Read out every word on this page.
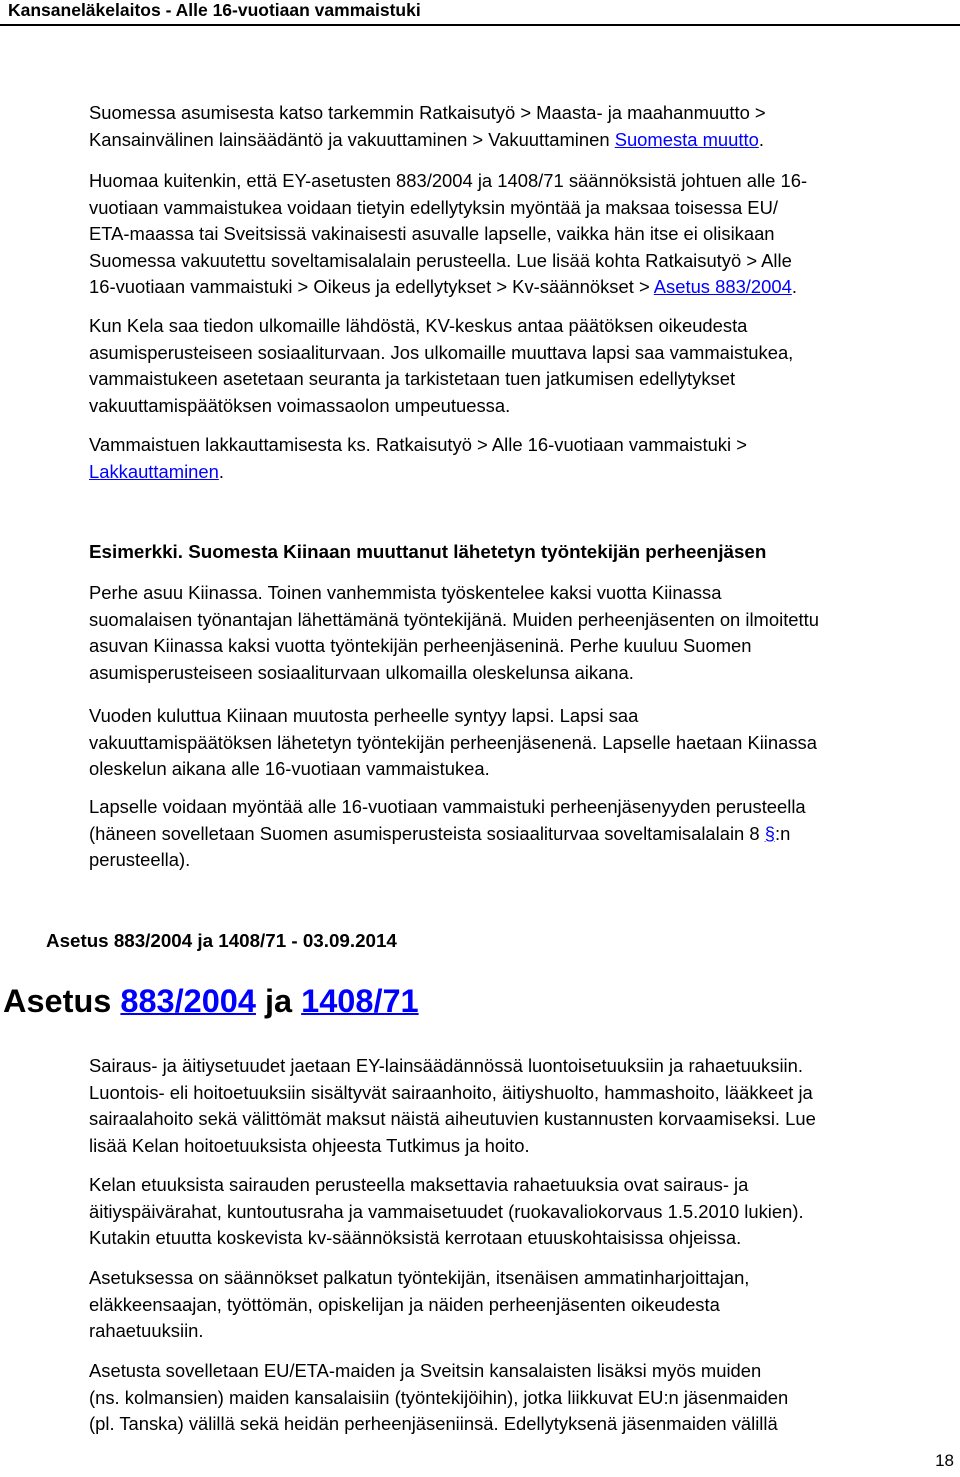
Kansaneläkelaitos - Alle 16-vuotiaan vammaistuki

Suomessa asumisesta katso tarkemmin Ratkaisutyö > Maasta- ja maahanmuutto >

Kansainvälinen lainsäädäntö ja vakuuttaminen > Vakuuttaminen Suomesta muutto.

Huomaa kuitenkin, että EY-asetusten 883/2004 ja 1408/71 säännöksistä johtuen alle 16-

vuotiaan vammaistukea voidaan tietyin edellytyksin myöntää ja maksaa toisessa EU/

ETA-maassa tai Sveitsissä vakinaisesti asuvalle lapselle, vaikka hän itse ei olisikaan

Suomessa vakuutettu soveltamisalalain perusteella. Lue lisää kohta Ratkaisutyö > Alle

16-vuotiaan vammaistuki > Oikeus ja edellytykset > Kv-säännökset > Asetus 883/2004.

Kun Kela saa tiedon ulkomaille lähdöstä, KV-keskus antaa päätöksen oikeudesta

asumisperusteiseen sosiaaliturvaan. Jos ulkomaille muuttava lapsi saa vammaistukea,

vammaistukeen asetetaan seuranta ja tarkistetaan tuen jatkumisen edellytykset

vakuuttamispäätöksen voimassaolon umpeutuessa.

Vammaistuen lakkauttamisesta ks. Ratkaisutyö > Alle 16-vuotiaan vammaistuki >

Lakkauttaminen.

Esimerkki. Suomesta Kiinaan muuttanut lähetetyn työntekijän perheenjäsen

Perhe asuu Kiinassa. Toinen vanhemmista työskentelee kaksi vuotta Kiinassa

suomalaisen työnantajan lähettämänä työntekijänä. Muiden perheenjäsenten on ilmoitettu

asuvan Kiinassa kaksi vuotta työntekijän perheenjäseninä. Perhe kuuluu Suomen

asumisperusteiseen sosiaaliturvaan ulkomailla oleskelunsa aikana.

Vuoden kuluttua Kiinaan muutosta perheelle syntyy lapsi. Lapsi saa

vakuuttamispäätöksen lähetetyn työntekijän perheenjäsenenä. Lapselle haetaan Kiinassa

oleskelun aikana alle 16-vuotiaan vammaistukea.

Lapselle voidaan myöntää alle 16-vuotiaan vammaistuki perheenjäsenyyden perusteella

(häneen sovelletaan Suomen asumisperusteista sosiaaliturvaa soveltamisalalain 8 §:n

perusteella).

Asetus 883/2004 ja 1408/71 - 03.09.2014
Asetus 883/2004 ja 1408/71

Sairaus- ja äitiysetuudet jaetaan EY-lainsäädännössä luontoisetuuksiin ja rahaetuuksiin.

Luontois- eli hoitoetuuksiin sisältyvät sairaanhoito, äitiyshuolto, hammashoito, lääkkeet ja

sairaalahoito sekä välittömät maksut näistä aiheutuvien kustannusten korvaamiseksi. Lue

lisää Kelan hoitoetuuksista ohjeesta Tutkimus ja hoito.

Kelan etuuksista sairauden perusteella maksettavia rahaetuuksia ovat sairaus- ja

äitiyspäivärahat, kuntoutusraha ja vammaisetuudet (ruokavaliokorvaus 1.5.2010 lukien).

Kutakin etuutta koskevista kv-säännöksistä kerrotaan etuuskohtaisissa ohjeissa.

Asetuksessa on säännökset palkatun työntekijän, itsenäisen ammatinharjoittajan,

eläkkeensaajan, työttömän, opiskelijan ja näiden perheenjäsenten oikeudesta

rahaetuuksiin.

Asetusta sovelletaan EU/ETA-maiden ja Sveitsin kansalaisten lisäksi myös muiden

(ns. kolmansien) maiden kansalaisiin (työntekijöihin), jotka liikkuvat EU:n jäsenmaiden

(pl. Tanska) välillä sekä heidän perheenjäseniinsä. Edellytyksenä jäsenmaiden välillä

18
